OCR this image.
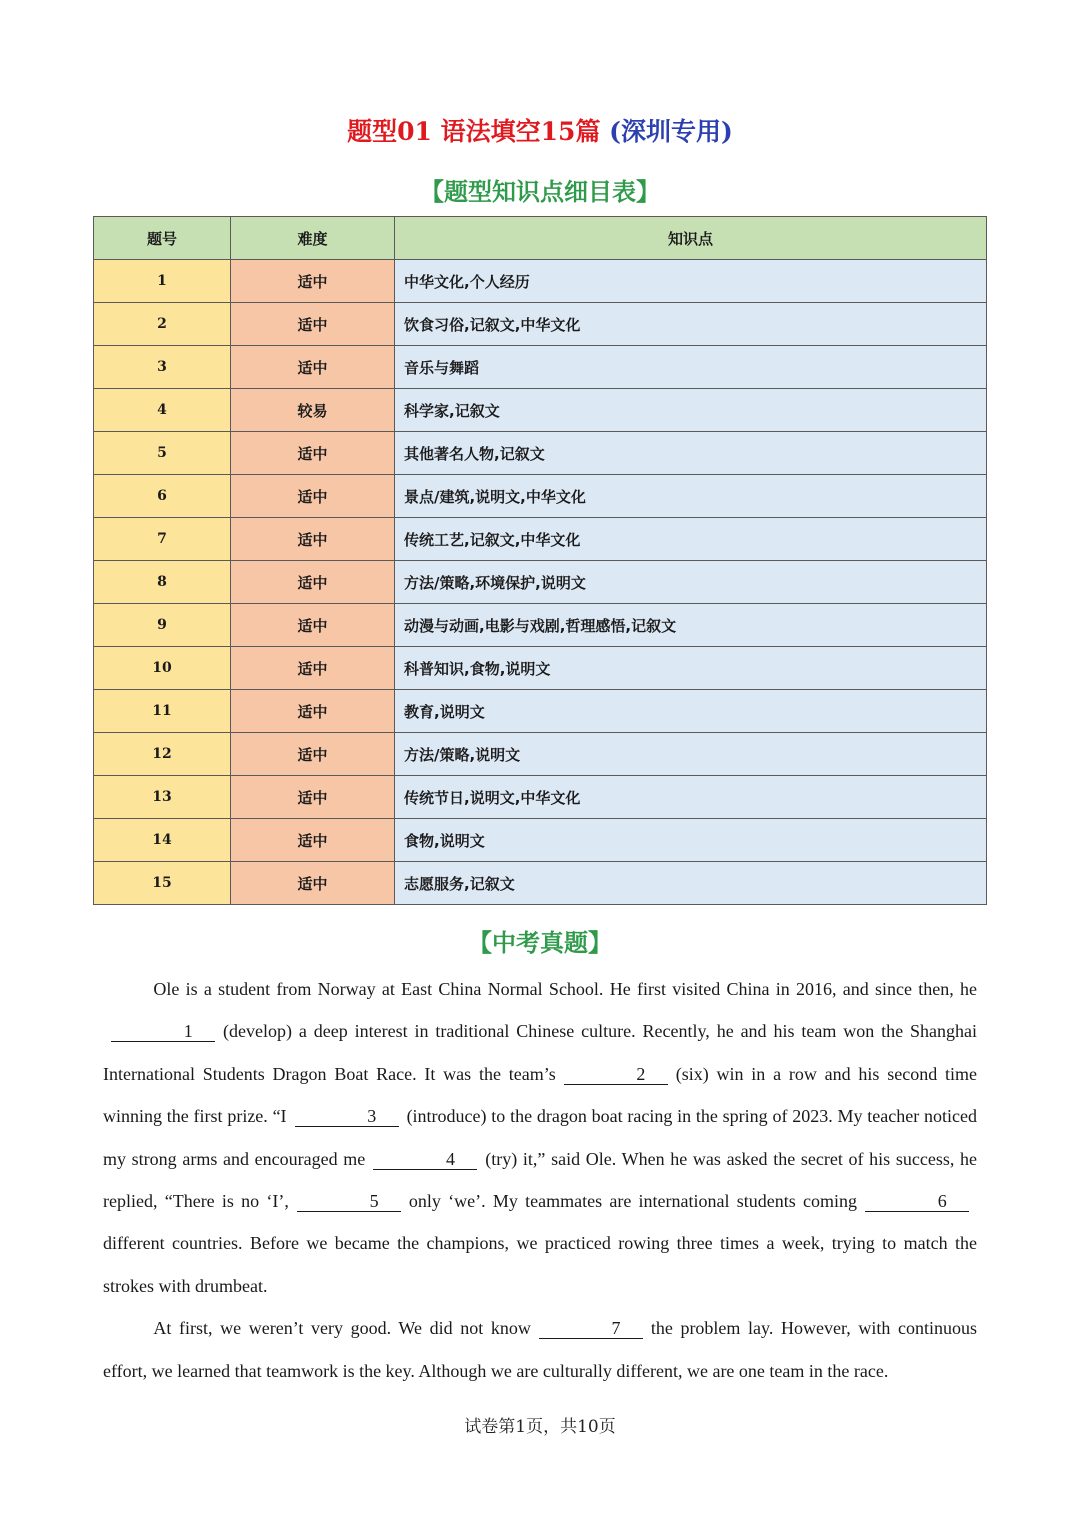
题型01 语法填空15篇 (深圳专用)
【题型知识点细目表】
题号	难度	知识点
1	适中	中华文化,个人经历
2	适中	饮食习俗,记叙文,中华文化
3	适中	音乐与舞蹈
4	较易	科学家,记叙文
5	适中	其他著名人物,记叙文
6	适中	景点/建筑,说明文,中华文化
7	适中	传统工艺,记叙文,中华文化
8	适中	方法/策略,环境保护,说明文
9	适中	动漫与动画,电影与戏剧,哲理感悟,记叙文
10	适中	科普知识,食物,说明文
11	适中	教育,说明文
12	适中	方法/策略,说明文
13	适中	传统节日,说明文,中华文化
14	适中	食物,说明文
15	适中	志愿服务,记叙文
【中考真题】

Ole is a student from Norway at East China Normal School. He first visited China in 2016, and since then, he1 (develop) a deep interest in traditional Chinese culture. Recently, he and his team won the Shanghai International Students Dragon Boat Race. It was the team’s	2 (six) win in a row and his second time winning the first prize. “I	3 (introduce) to the dragon boat racing in the spring of 2023. My teacher noticed my strong arms and encouraged me	4 (try) it,” said Ole. When he was asked the secret of his success, he replied, “There is no ‘I’,	5 only ‘we’. My teammates are international students coming	6different countries. Before we became the champions, we practiced rowing three times a week, trying to match the strokes with drumbeat.

At first, we weren’t very good. We did not know	7 the problem lay. However, with continuous effort, we learned that teamwork is the key. Although we are culturally different, we are one team in the race.

试卷第1页，共10页
